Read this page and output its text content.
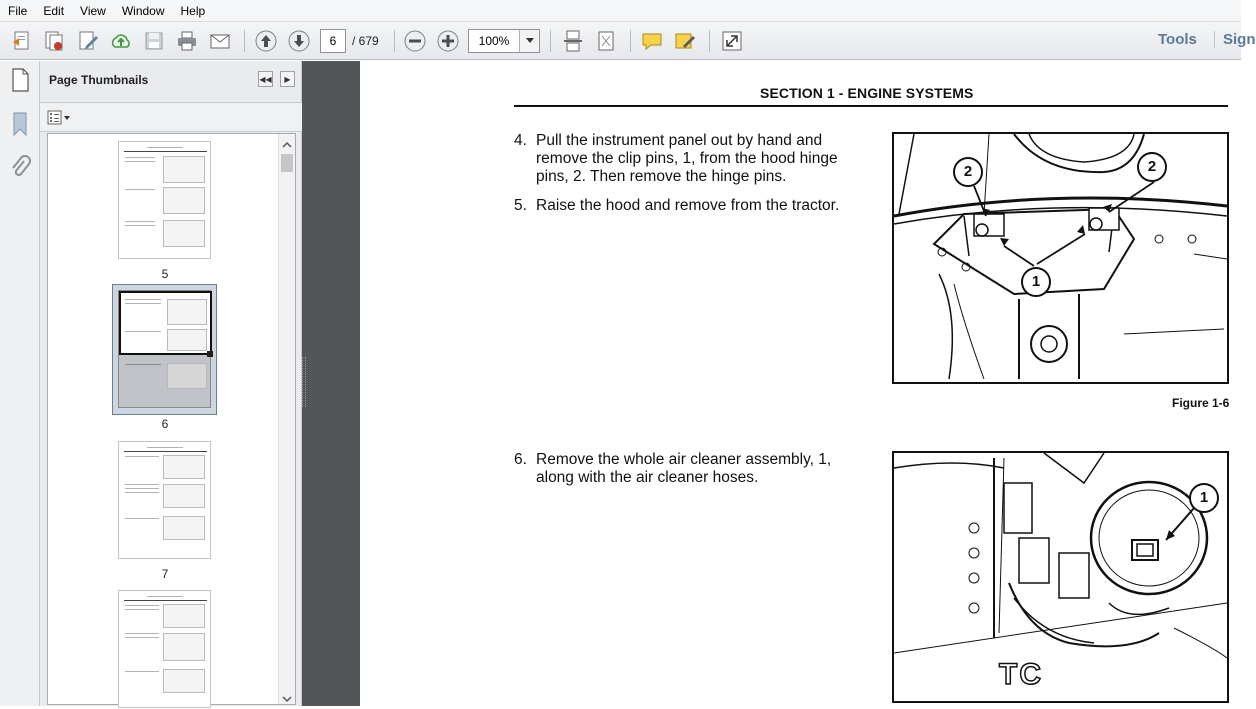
File	Edit	View	Window	Help
6	/ 679	100%	Tools	Sign
Page Thumbnails	◀◀	▶
5
6
7
SECTION 1 - ENGINE SYSTEMS
4. Pull the instrument panel out by hand and
remove the clip pins, 1, from the hood hinge
pins, 2. Then remove the hinge pins.
5. Raise the hood and remove from the tractor.
2	2
1
Figure 1-6
6. Remove the whole air cleaner assembly, 1,
along with the air cleaner hoses.
1
TC
